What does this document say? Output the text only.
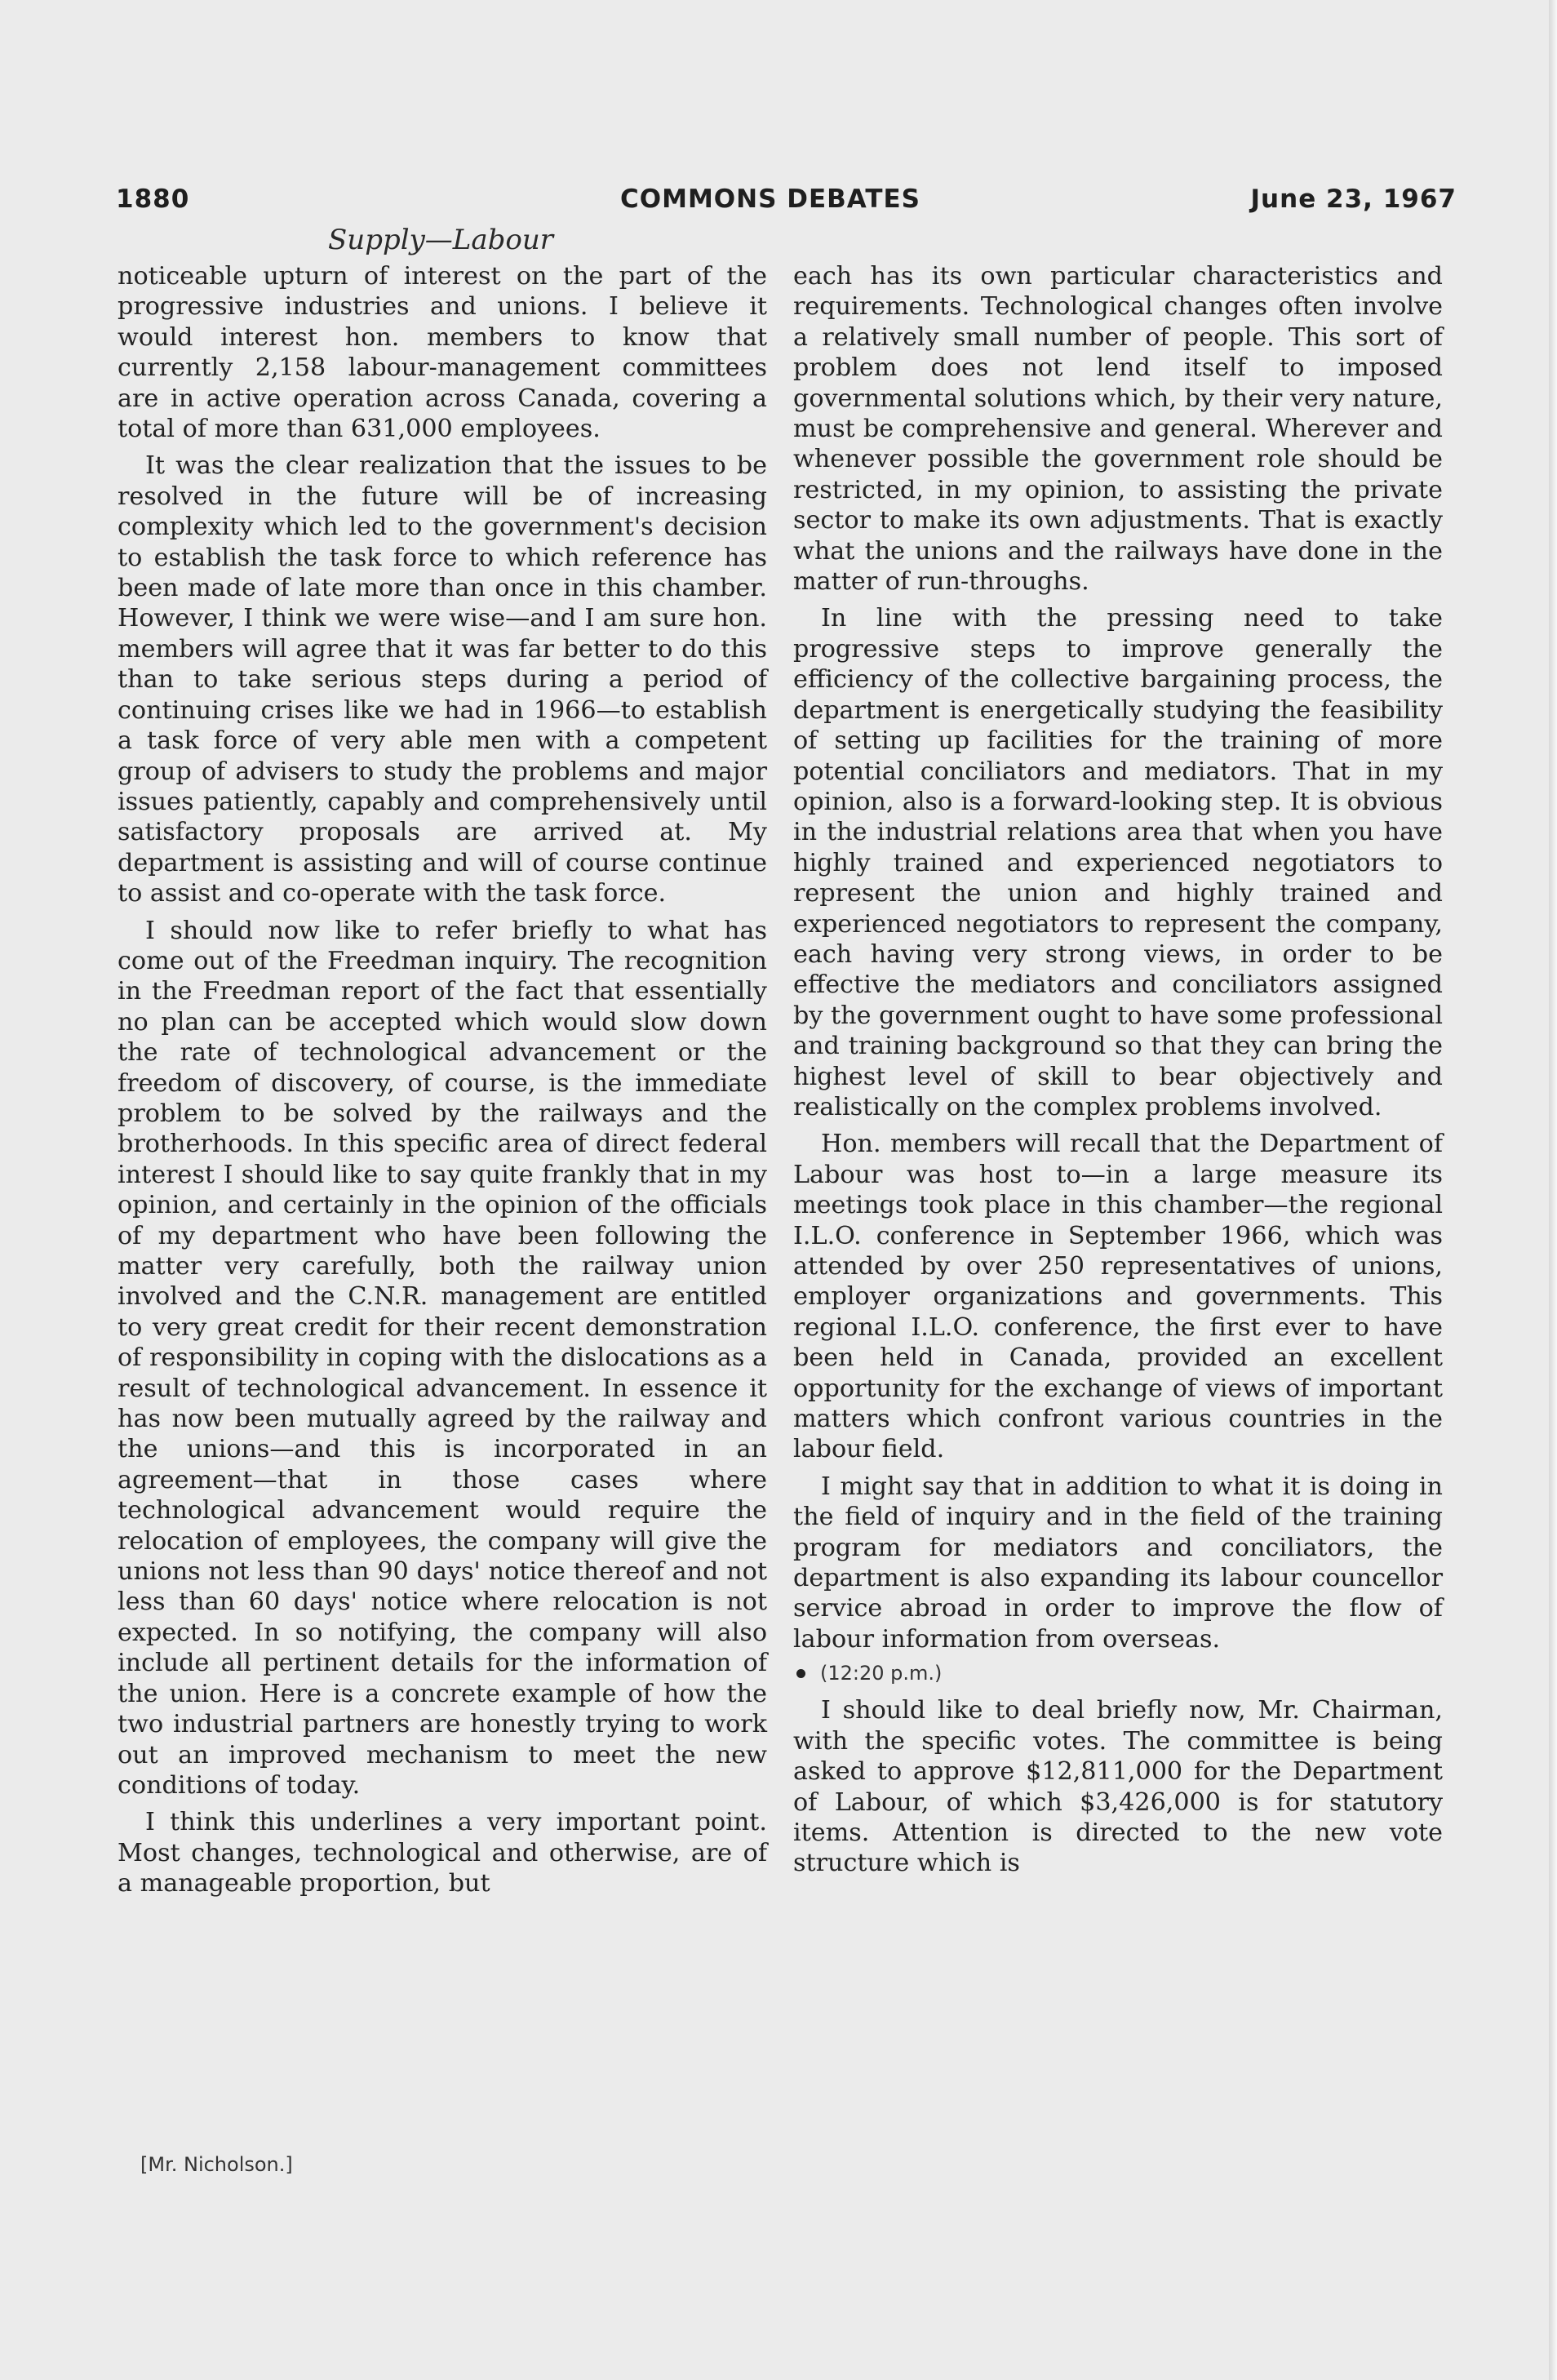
1880	COMMONS DEBATES	June 23, 1967
Supply—Labour

noticeable upturn of interest on the part of the progressive industries and unions. I believe it would interest hon. members to know that currently 2,158 labour-management committees are in active operation across Canada, covering a total of more than 631,000 employees.

It was the clear realization that the issues to be resolved in the future will be of increasing complexity which led to the government's decision to establish the task force to which reference has been made of late more than once in this chamber. However, I think we were wise—and I am sure hon. members will agree that it was far better to do this than to take serious steps during a period of continuing crises like we had in 1966—to establish a task force of very able men with a competent group of advisers to study the problems and major issues patiently, capably and comprehensively until satisfactory proposals are arrived at. My department is assisting and will of course continue to assist and co-operate with the task force.

I should now like to refer briefly to what has come out of the Freedman inquiry. The recognition in the Freedman report of the fact that essentially no plan can be accepted which would slow down the rate of technological advancement or the freedom of discovery, of course, is the immediate problem to be solved by the railways and the brotherhoods. In this specific area of direct federal interest I should like to say quite frankly that in my opinion, and certainly in the opinion of the officials of my department who have been following the matter very carefully, both the railway union involved and the C.N.R. management are entitled to very great credit for their recent demonstration of responsibility in coping with the dislocations as a result of technological advancement. In essence it has now been mutually agreed by the railway and the unions—and this is incorporated in an agreement—that in those cases where technological advancement would require the relocation of employees, the company will give the unions not less than 90 days' notice thereof and not less than 60 days' notice where relocation is not expected. In so notifying, the company will also include all pertinent details for the information of the union. Here is a concrete example of how the two industrial partners are honestly trying to work out an improved mechanism to meet the new conditions of today.

I think this underlines a very important point. Most changes, technological and otherwise, are of a manageable proportion, but

[Mr. Nicholson.]

each has its own particular characteristics and requirements. Technological changes often involve a relatively small number of people. This sort of problem does not lend itself to imposed governmental solutions which, by their very nature, must be comprehensive and general. Wherever and whenever possible the government role should be restricted, in my opinion, to assisting the private sector to make its own adjustments. That is exactly what the unions and the railways have done in the matter of run-throughs.

In line with the pressing need to take progressive steps to improve generally the efficiency of the collective bargaining process, the department is energetically studying the feasibility of setting up facilities for the training of more potential conciliators and mediators. That in my opinion, also is a forward-looking step. It is obvious in the industrial relations area that when you have highly trained and experienced negotiators to represent the union and highly trained and experienced negotiators to represent the company, each having very strong views, in order to be effective the mediators and conciliators assigned by the government ought to have some professional and training background so that they can bring the highest level of skill to bear objectively and realistically on the complex problems involved.

Hon. members will recall that the Department of Labour was host to—in a large measure its meetings took place in this chamber—the regional I.L.O. conference in September 1966, which was attended by over 250 representatives of unions, employer organizations and governments. This regional I.L.O. conference, the first ever to have been held in Canada, provided an excellent opportunity for the exchange of views of important matters which confront various countries in the labour field.

I might say that in addition to what it is doing in the field of inquiry and in the field of the training program for mediators and conciliators, the department is also expanding its labour councellor service abroad in order to improve the flow of labour information from overseas.

(12:20 p.m.)

I should like to deal briefly now, Mr. Chairman, with the specific votes. The committee is being asked to approve $12,811,000 for the Department of Labour, of which $3,426,000 is for statutory items. Attention is directed to the new vote structure which is
